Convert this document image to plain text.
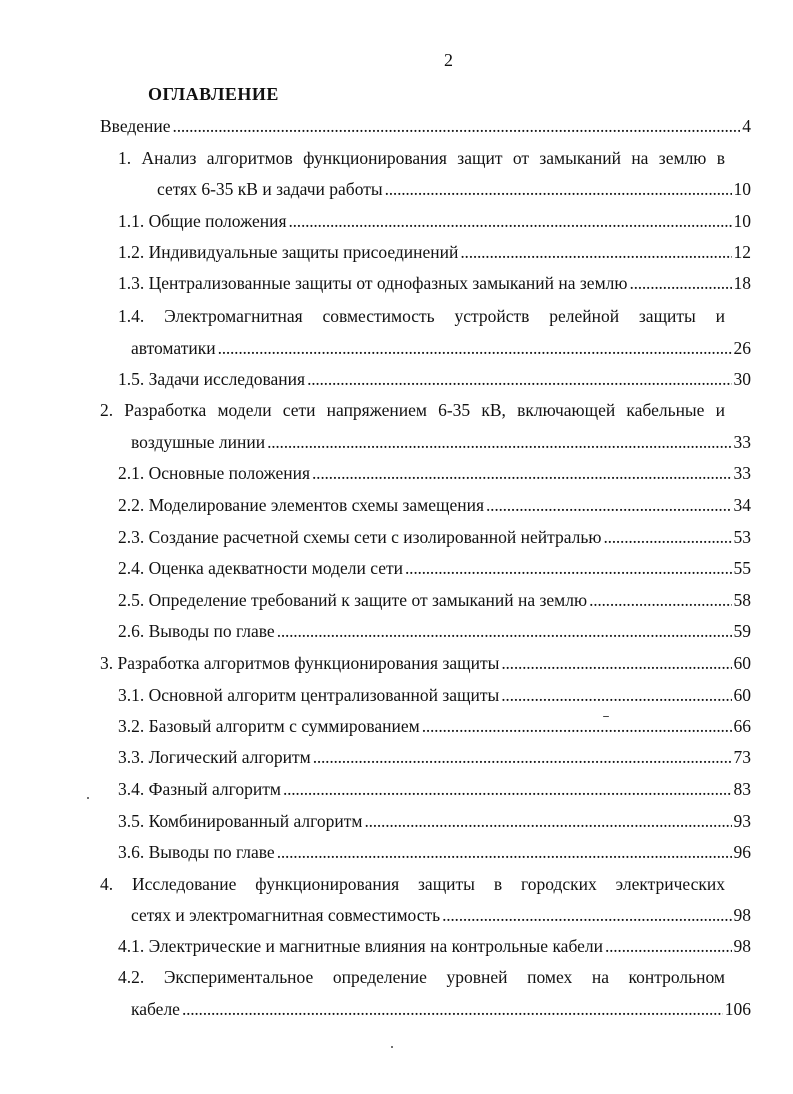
2
ОГЛАВЛЕНИЕ
Введение . . .	4
1. Анализ алгоритмов функционирования защит от замыканий на землю в
сетях 6-35 кВ и задачи работы . . .	10
1.1. Общие положения . . .	10
1.2. Индивидуальные защиты присоединений . . .	12
1.3. Централизованные защиты от однофазных замыканий на землю . . .	18
1.4. Электромагнитная совместимость устройств релейной защиты и
автоматики . . .	26
1.5. Задачи исследования . . .	30
2. Разработка модели сети напряжением 6-35 кВ, включающей кабельные и
воздушные линии . . .	33
2.1. Основные положения . . .	33
2.2. Моделирование элементов схемы замещения . . .	34
2.3. Создание расчетной схемы сети с изолированной нейтралью . . .	53
2.4. Оценка адекватности модели сети . . .	55
2.5. Определение требований к защите от замыканий на землю . . .	58
2.6. Выводы по главе . . .	59
3. Разработка алгоритмов функционирования защиты . . .	60
3.1. Основной алгоритм централизованной защиты . . .	60
3.2. Базовый алгоритм с суммированием . . .	66
3.3. Логический алгоритм . . .	73
3.4. Фазный алгоритм . . .	83
3.5. Комбинированный алгоритм . . .	93
3.6. Выводы по главе . . .	96
4. Исследование функционирования защиты в городских электрических
сетях и электромагнитная совместимость . . .	98
4.1. Электрические и магнитные влияния на контрольные кабели . . .	98
4.2. Экспериментальное определение уровней помех на контрольном
кабеле . . .	106
